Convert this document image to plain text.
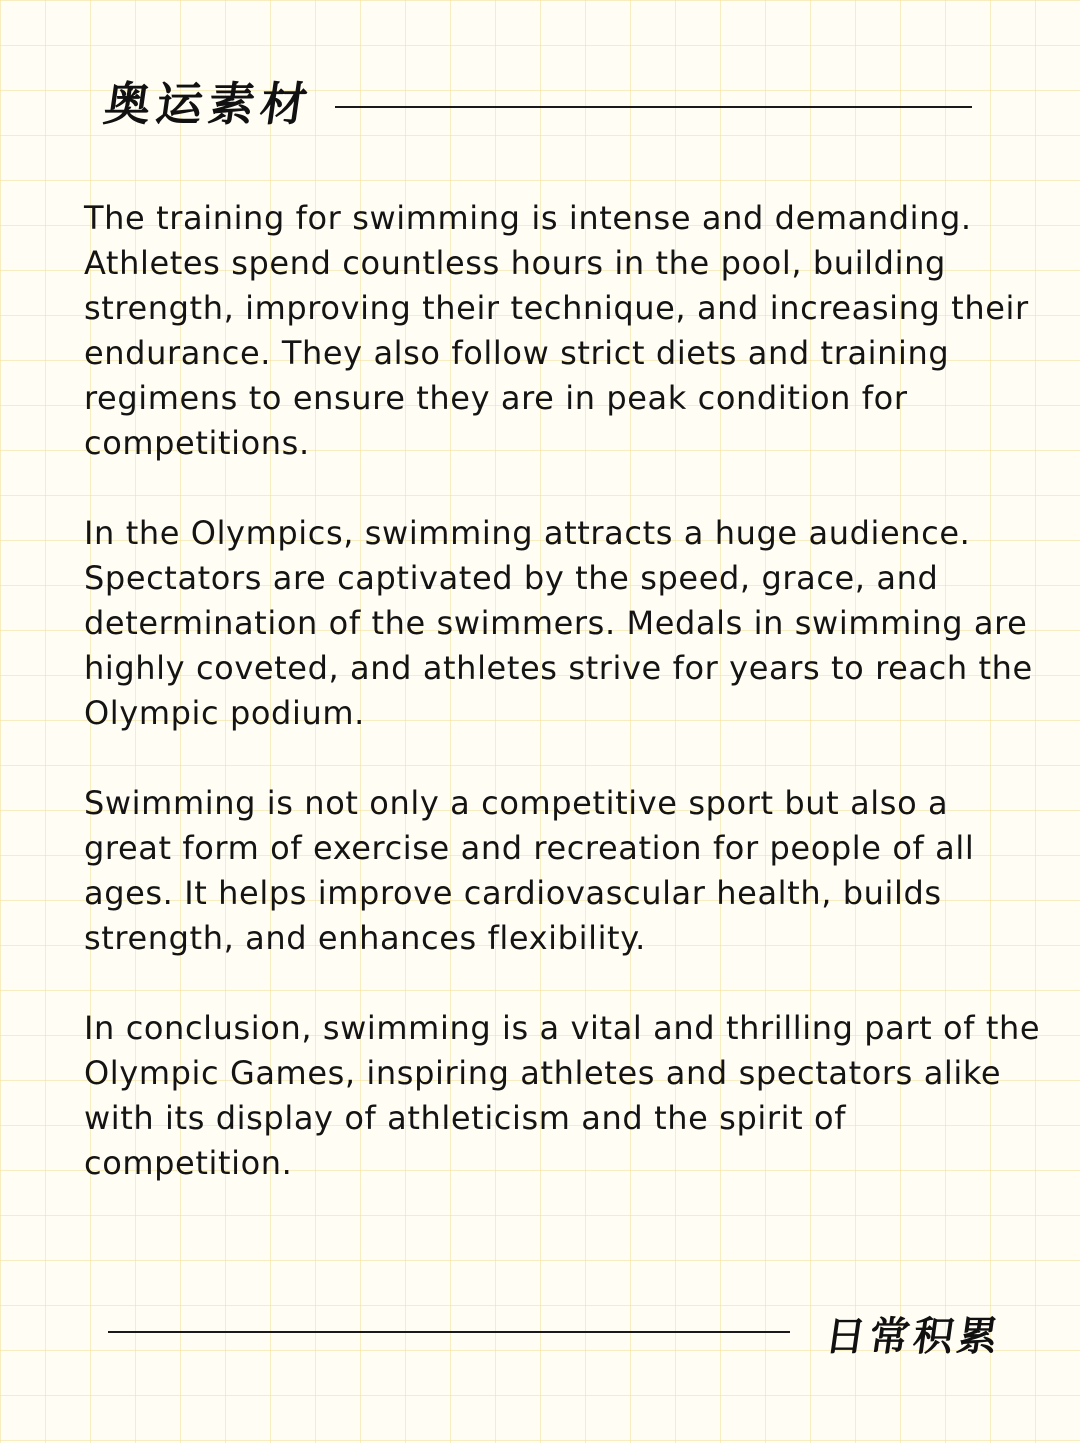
奥运素材

The training for swimming is intense and demanding. Athletes spend countless hours in the pool, building strength, improving their technique, and increasing their endurance. They also follow strict diets and training regimens to ensure they are in peak condition for competitions.

In the Olympics, swimming attracts a huge audience. Spectators are captivated by the speed, grace, and determination of the swimmers. Medals in swimming are highly coveted, and athletes strive for years to reach the Olympic podium.

Swimming is not only a competitive sport but also a great form of exercise and recreation for people of all ages. It helps improve cardiovascular health, builds strength, and enhances flexibility.

In conclusion, swimming is a vital and thrilling part of the Olympic Games, inspiring athletes and spectators alike with its display of athleticism and the spirit of competition.

日常积累
